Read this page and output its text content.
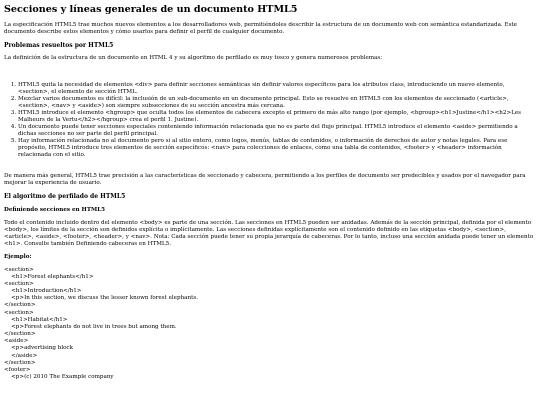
Secciones y líneas generales de un documento HTML5

La especificación HTML5 trae muchos nuevos elementos a los desarrolladores web, permitiéndoles describir la estructura de un documento web con semántica estandarizada. Este documento describe estos elementos y cómo usarlos para definir el perfil de cualquier documento.

Problemas resueltos por HTML5

La definición de la estructura de un documento en HTML 4 y su algoritmo de perfilado es muy tosco y genera numerosos problemas:

1. HTML5 quita la necesidad de elementos <div> para definir secciones semánticas sin definir valores específicos para los atributos class, introduciendo un nuevo elemento, <section>, el elemento de sección HTML.
2. Mezclar varios documentos es difícil: la inclusión de un sub-documento en un documento principal. Esto se resuelve en HTML5 con los elementos de seccionado (<article>, <section>, <nav> y <aside>) son siempre subsecciones de su sección ancestra más cercana.
3. HTML5 introduce el elemento <hgroup> que oculta todos los elementos de cabecera excepto el primero de más alto rango (por ejemplo, <hgroup><h1>Justine</h1><h2>Les Malheurs de la Vertu</h2></hgroup> crea el perfil 1. Justine).
4. Un documento puede tener secciones especiales conteniendo información relacionada que no es parte del flujo principal. HTML5 introduce el elemento <aside> permitiendo a dichas secciones no ser parte del perfil principal.
5. Hay información relacionada no al documento pero si al sitio entero, como logos, menús, tablas de contenidos, o información de derechos de autor y notas legales. Para ese propósito, HTML5 introduce tres elementos de sección específicos: <nav> para colecciones de enlaces, como una tabla de contenidos, <footer> y <header> información relacionada con el sitio.

De manera más general, HTML5 trae precisión a las características de seccionado y cabecera, permitiendo a los perfiles de documento ser predecibles y usados por el navegador para mejorar la experiencia de usuario.

El algoritmo de perfilado de HTML5
Definiendo secciones en HTML5

Todo el contenido incluido dentro del elemento <body> es parte de una sección. Las secciones en HTML5 pueden ser anidadas. Además de la sección principal, definida por el elemento <body>, los límites de la sección son definidos explícita o implícitamente. Las secciones definidas explícitamente son el contenido definido en las etiquetas <body>, <section>, <article>, <aside>, <footer>, <header>, y <nav>. Nota: Cada sección puede tener su propia jerarquía de cabeceras. Por lo tanto, incluso una sección anidada puede tener un elemento <h1>. Consulte también Definiendo cabeceras en HTML5.

Ejemplo:
<section>
<h1>Forest elephants</h1>
<section>
<h1>Introduction</h1>
<p>In this section, we discuss the lesser known forest elephants.
</section>
<section>
<h1>Habitat</h1>
<p>Forest elephants do not live in trees but among them.
</section>
<aside>
<p>advertising block
</aside>
</section>
<footer>
<p>(c) 2010 The Example company
